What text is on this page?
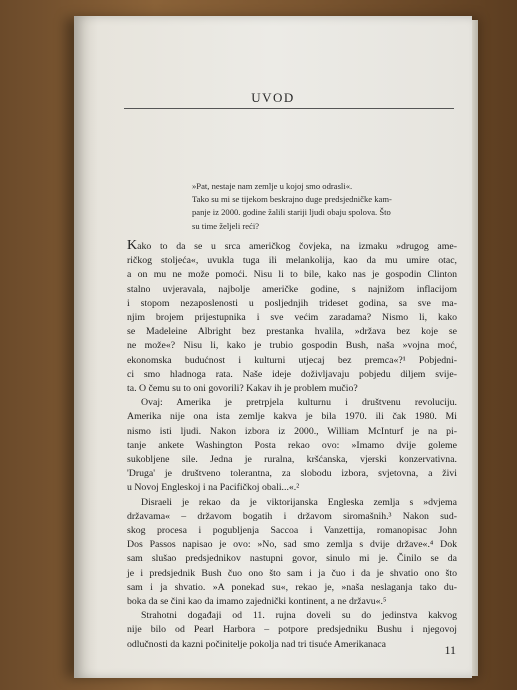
UVOD
»Pat, nestaje nam zemlje u kojoj smo odrasli«.
Tako su mi se tijekom beskrajno duge predsjedničke kam-
panje iz 2000. godine žalili stariji ljudi obaju spolova. Što
su time željeli reći?
Kako to da se u srca američkog čovjeka, na izmaku »drugog ame-
ričkog stoljeća«, uvukla tuga ili melankolija, kao da mu umire otac,
a on mu ne može pomoći. Nisu li to bile, kako nas je gospodin Clinton
stalno uvjeravala, najbolje američke godine, s najnižom inflacijom
i stopom nezaposlenosti u posljednjih trideset godina, sa sve ma-
njim brojem prijestupnika i sve većim zaradama? Nismo li, kako
se Madeleine Albright bez prestanka hvalila, »država bez koje se
ne može«? Nisu li, kako je trubio gospodin Bush, naša »vojna moć,
ekonomska budućnost i kulturni utjecaj bez premca«?¹ Pobjedni-
ci smo hladnoga rata. Naše ideje doživljavaju pobjedu diljem svije-
ta. O čemu su to oni govorili? Kakav ih je problem mučio?
Ovaj: Amerika je pretrpjela kulturnu i društvenu revoluciju.
Amerika nije ona ista zemlje kakva je bila 1970. ili čak 1980. Mi
nismo isti ljudi. Nakon izbora iz 2000., William McInturf je na pi-
tanje ankete Washington Posta rekao ovo: »Imamo dvije goleme
sukobljene sile. Jedna je ruralna, kršćanska, vjerski konzervativna.
'Druga' je društveno tolerantna, za slobodu izbora, svjetovna, a živi
u Novoj Engleskoj i na Pacifičkoj obali...«.²
Disraeli je rekao da je viktorijanska Engleska zemlja s »dvjema
državama« – državom bogatih i državom siromašnih.³ Nakon sud-
skog procesa i pogubljenja Saccoa i Vanzettija, romanopisac John
Dos Passos napisao je ovo: »No, sad smo zemlja s dvije države«.⁴ Dok
sam slušao predsjednikov nastupni govor, sinulo mi je. Činilo se da
je i predsjednik Bush čuo ono što sam i ja čuo i da je shvatio ono što
sam i ja shvatio. »A ponekad su«, rekao je, »naša neslaganja tako du-
boka da se čini kao da imamo zajednički kontinent, a ne državu«.⁵
Strahotni događaji od 11. rujna doveli su do jedinstva kakvog
nije bilo od Pearl Harbora – potpore predsjedniku Bushu i njegovoj
odlučnosti da kazni počinitelje pokolja nad tri tisuće Amerikanaca	11
